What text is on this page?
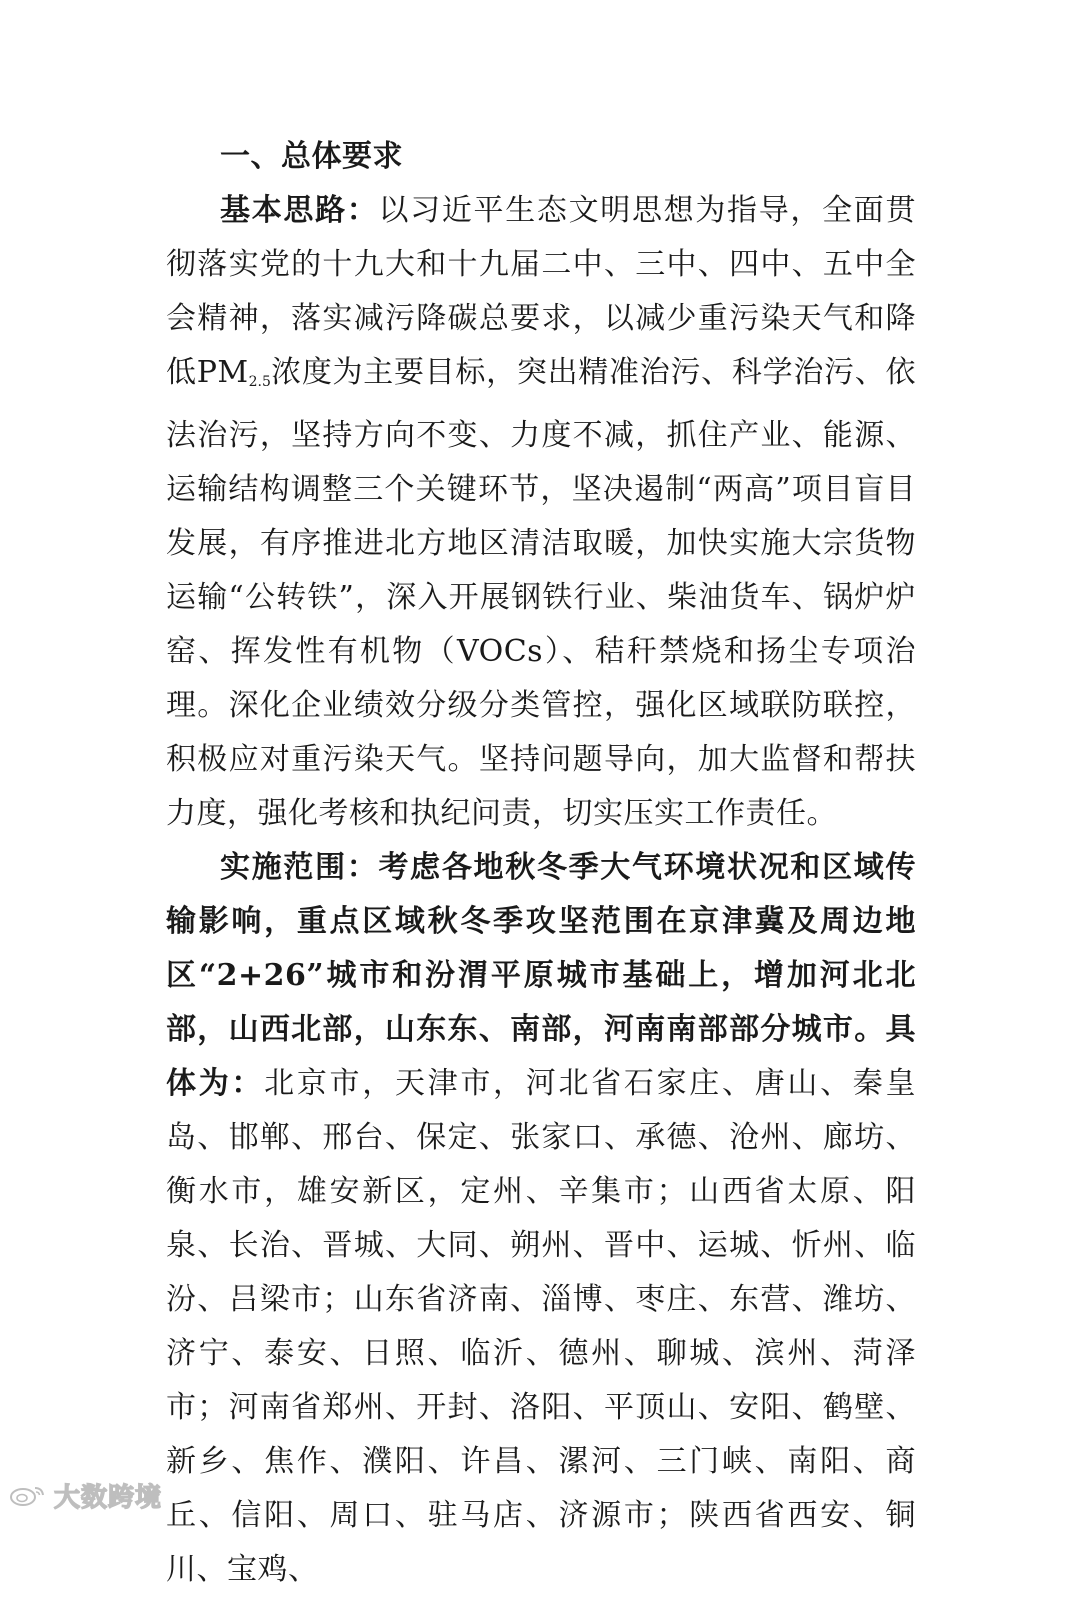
一、总体要求

基本思路：以习近平生态文明思想为指导，全面贯彻落实党的十九大和十九届二中、三中、四中、五中全会精神，落实减污降碳总要求，以减少重污染天气和降低$PM_{2.5}$浓度为主要目标，突出精准治污、科学治污、依法治污，坚持方向不变、力度不减，抓住产业、能源、运输结构调整三个关键环节，坚决遏制“两高”项目盲目发展，有序推进北方地区清洁取暖，加快实施大宗货物运输“公转铁”，深入开展钢铁行业、柴油货车、锅炉炉窑、挥发性有机物（VOCs）、秸秆禁烧和扬尘专项治理。深化企业绩效分级分类管控，强化区域联防联控，积极应对重污染天气。坚持问题导向，加大监督和帮扶力度，强化考核和执纪问责，切实压实工作责任。

实施范围：考虑各地秋冬季大气环境状况和区域传输影响，重点区域秋冬季攻坚范围在京津冀及周边地区“2+26”城市和汾渭平原城市基础上，增加河北北部，山西北部，山东东、南部，河南南部部分城市。具体为：北京市，天津市，河北省石家庄、唐山、秦皇岛、邯郸、邢台、保定、张家口、承德、沧州、廊坊、衡水市，雄安新区，定州、辛集市；山西省太原、阳泉、长治、晋城、大同、朔州、晋中、运城、忻州、临汾、吕梁市；山东省济南、淄博、枣庄、东营、潍坊、济宁、泰安、日照、临沂、德州、聊城、滨州、菏泽市；河南省郑州、开封、洛阳、平顶山、安阳、鹤壁、新乡、焦作、濮阳、许昌、漯河、三门峡、南阳、商丘、信阳、周口、驻马店、济源市；陕西省西安、铜川、宝鸡、

大数跨境
